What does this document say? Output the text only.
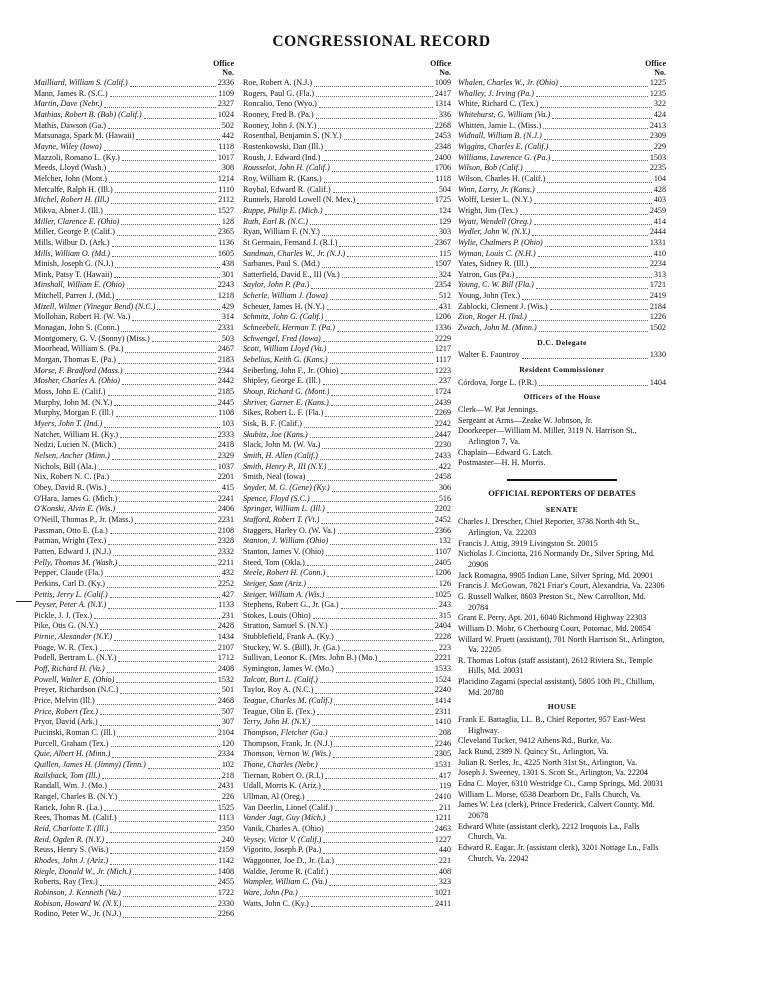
CONGRESSIONAL RECORD
Office
No.
Mailliard, William S. (Calif.)	2336
Mann, James R. (S.C.)	1109
Martin, Dave (Nebr.)	2327
Mathias, Robert B. (Bob) (Calif.)	1024
Mathis, Dawson (Ga.)	502
Matsunaga, Spark M. (Hawaii)	442
Mayne, Wiley (Iowa)	1118
Mazzoli, Romano L. (Ky.)	1017
Meeds, Lloyd (Wash.)	308
Melcher, John (Mont.)	1214
Metcalfe, Ralph H. (Ill.)	1110
Michel, Robert H. (Ill.)	2112
Mikva, Abner J. (Ill.)	1527
Miller, Clarence E. (Ohio)	128
Miller, George P. (Calif.)	2365
Mills, Wilbur D. (Ark.)	1136
Mills, William O. (Md.)	1605
Minish, Joseph G. (N.J.)	438
Mink, Patsy T. (Hawaii)	301
Minshall, William E. (Ohio)	2243
Mitchell, Parren J. (Md.)	1218
Mizell, Wilmer (Vinegar Bend) (N.C.)	429
Mollohan, Robert H. (W. Va.)	314
Monagan, John S. (Conn.)	2331
Montgomery, G. V. (Sonny) (Miss.)	503
Moorhead, William S. (Pa.)	2467
Morgan, Thomas E. (Pa.)	2183
Morse, F. Bradford (Mass.)	2344
Mosher, Charles A. (Ohio)	2442
Moss, John E. (Calif.)	2185
Murphy, John M. (N.Y.)	2445
Murphy, Morgan F. (Ill.)	1108
Myers, John T. (Ind.)	103
Natcher, William H. (Ky.)	2333
Nedzi, Lucien N. (Mich.)	2418
Nelsen, Ancher (Minn.)	2329
Nichols, Bill (Ala.)	1037
Nix, Robert N. C. (Pa.)	2201
Obey, David R. (Wis.)	415
O'Hara, James G. (Mich.)	2241
O'Konski, Alvin E. (Wis.)	2406
O'Neill, Thomas P., Jr. (Mass.)	2231
Passman, Otto E. (La.)	2108
Patman, Wright (Tex.)	2328
Patten, Edward J. (N.J.)	2332
Pelly, Thomas M. (Wash.)	2211
Pepper, Claude (Fla.)	432
Perkins, Carl D. (Ky.)	2252
Pettis, Jerry L. (Calif.)	427
Peyser, Peter A. (N.Y.)	1133
Pickle, J. J. (Tex.)	231
Pike, Otis G. (N.Y.)	2428
Pirnie, Alexander (N.Y.)	1434
Poage, W. R. (Tex.)	2107
Podell, Bertram L. (N.Y.)	1712
Poff, Richard H. (Va.)	2408
Powell, Walter E. (Ohio)	1532
Preyer, Richardson (N.C.)	501
Price, Melvin (Ill.)	2468
Price, Robert (Tex.)	507
Pryor, David (Ark.)	307
Pucinski, Roman C. (Ill.)	2104
Purcell, Graham (Tex.)	120
Quie, Albert H. (Minn.)	2334
Quillen, James H. (Jimmy) (Tenn.)	102
Railsback, Tom (Ill.)	218
Randall, Wm. J. (Mo.)	2431
Rangel, Charles B. (N.Y.)	226
Rarick, John R. (La.)	1525
Rees, Thomas M. (Calif.)	1113
Reid, Charlotte T. (Ill.)	2350
Reid, Ogden R. (N.Y.)	240
Reuss, Henry S. (Wis.)	2159
Rhodes, John J. (Ariz.)	1142
Riegle, Donald W., Jr. (Mich.)	1408
Roberts, Ray (Tex.)	2455
Robinson, J. Kenneth (Va.)	1722
Robison, Howard W. (N.Y.)	2330
Rodino, Peter W., Jr. (N.J.)	2266
Office
No.
Roe, Robert A. (N.J.)	1009
Rogers, Paul G. (Fla.)	2417
Roncalio, Teno (Wyo.)	1314
Rooney, Fred B. (Pa.)	336
Rooney, John J. (N.Y.)	2268
Rosenthal, Benjamin S. (N.Y.)	2453
Rostenkowski, Dan (Ill.)	2348
Roush, J. Edward (Ind.)	2400
Rousselot, John H. (Calif.)	1706
Roy, William R. (Kans.)	1118
Roybal, Edward R. (Calif.)	504
Runnels, Harold Lowell (N. Mex.)	1725
Ruppe, Philip E. (Mich.)	124
Ruth, Earl B. (N.C.)	129
Ryan, William F. (N.Y.)	303
St Germain, Fernand J. (R.I.)	2367
Sandman, Charles W., Jr. (N.J.)	115
Sarbanes, Paul S. (Md.)	1507
Satterfield, David E., III (Va.)	324
Saylor, John P. (Pa.)	2354
Scherle, William J. (Iowa)	512
Scheuer, James H. (N.Y.)	431
Schmitz, John G. (Calif.)	1206
Schneebeli, Herman T. (Pa.)	1336
Schwengel, Fred (Iowa)	2229
Scott, William Lloyd (Va.)	1217
Sebelius, Keith G. (Kans.)	1117
Seiberling, John F., Jr. (Ohio)	1223
Shipley, George E. (Ill.)	237
Shoup, Richard G. (Mont.)	1724
Shriver, Garner E. (Kans.)	2439
Sikes, Robert L. F. (Fla.)	2269
Sisk, B. F. (Calif.)	2242
Skubitz, Joe (Kans.)	2447
Slack, John M. (W. Va.)	2230
Smith, H. Allen (Calif.)	2433
Smith, Henry P., III (N.Y.)	422
Smith, Neal (Iowa)	2458
Snyder, M. G. (Gene) (Ky.)	306
Spence, Floyd (S.C.)	516
Springer, William L. (Ill.)	2202
Stafford, Robert T. (Vt.)	2452
Staggers, Harley O. (W. Va.)	2366
Stanton, J. William (Ohio)	132
Stanton, James V. (Ohio)	1107
Steed, Tom (Okla.)	2405
Steele, Robert H. (Conn.)	1206
Steiger, Sam (Ariz.)	126
Steiger, William A. (Wis.)	1025
Stephens, Robert G., Jr. (Ga.)	243
Stokes, Louis (Ohio)	315
Stratton, Samuel S. (N.Y.)	2404
Stubblefield, Frank A. (Ky.)	2228
Stuckey, W. S. (Bill), Jr. (Ga.)	223
Sullivan, Leonor K. (Mrs. John B.) (Mo.)	2221
Symington, James W. (Mo.)	1533
Talcott, Burt L. (Calif.)	1524
Taylor, Roy A. (N.C.)	2240
Teague, Charles M. (Calif.)	1414
Teague, Olin E. (Tex.)	2311
Terry, John H. (N.Y.)	1410
Thompson, Fletcher (Ga.)	208
Thompson, Frank, Jr. (N.J.)	2246
Thomson, Vernon W. (Wis.)	2305
Thone, Charles (Nebr.)	1531
Tiernan, Robert O. (R.I.)	417
Udall, Morris K. (Ariz.)	119
Ullman, Al (Oreg.)	2410
Van Deerlin, Lionel (Calif.)	211
Vander Jagt, Guy (Mich.)	1211
Vanik, Charles A. (Ohio)	2463
Veysey, Victor V. (Calif.)	1227
Vigorito, Joseph P. (Pa.)	440
Waggonner, Joe D., Jr. (La.)	221
Waldie, Jerome R. (Calif.)	408
Wampler, William C. (Va.)	323
Ware, John (Pa.)	1021
Watts, John C. (Ky.)	2411
Office
No.
Whalen, Charles W., Jr. (Ohio)	1225
Whalley, J. Irving (Pa.)	1235
White, Richard C. (Tex.)	322
Whitehurst, G. William (Va.)	424
Whitten, Jamie L. (Miss.)	2413
Widnall, William B. (N.J.)	2309
Wiggins, Charles E. (Calif.)	229
Williams, Lawrence G. (Pa.)	1503
Wilson, Bob (Calif.)	2235
Wilson, Charles H. (Calif.)	104
Winn, Larry, Jr. (Kans.)	428
Wolff, Lester L. (N.Y.)	403
Wright, Jim (Tex.)	2459
Wyatt, Wendell (Oreg.)	414
Wydler, John W. (N.Y.)	2444
Wylie, Chalmers P. (Ohio)	1331
Wyman, Louis C. (N.H.)	410
Yates, Sidney R. (Ill.)	2234
Yatron, Gus (Pa.)	313
Young, C. W. Bill (Fla.)	1721
Young, John (Tex.)	2419
Zablocki, Clement J. (Wis.)	2184
Zion, Roger H. (Ind.)	1226
Zwach, John M. (Minn.)	1502
D.C. Delegate
Walter E. Fauntroy	1330
Resident Commissioner
Córdova, Jorge L. (P.R.)	1404
Officers of the House
Clerk—W. Pat Jennings.
Sergeant at Arms—Zeake W. Johnson, Jr.
Doorkeeper—William M. Miller, 3119 N. Harrison St., Arlington 7, Va.
Chaplain—Edward G. Latch.
Postmaster—H. H. Morris.
OFFICIAL REPORTERS OF DEBATES
SENATE
Charles J. Drescher, Chief Reporter, 3738 North 4th St., Arlington, Va. 22203
Francis J. Attig, 3919 Livingston St. 20015
Nicholas J. Cinciotta, 216 Normandy Dr., Silver Spring, Md. 20906
Jack Romagna, 9905 Indian Lane, Silver Spring, Md. 20901
Francis J. McGowan, 7821 Friar's Court, Alexandria, Va. 22306
G. Russell Walker, 8603 Preston St., New Carrollton, Md. 20784
Grant E. Perry, Apt. 201, 6040 Richmond Highway 22303
William D. Mohr, 6 Cherbourg Court, Potomac, Md. 20854
Willard W. Pruett (assistant), 701 North Harrison St., Arlington, Va. 22205
R. Thomas Loftus (staff assistant), 2612 Riviera St., Temple Hills, Md. 20031
Placidino Zagami (special assistant), 5805 10th Pl., Chillum, Md. 20780
HOUSE
Frank E. Battaglia, LL. B., Chief Reporter, 957 East-West Highway.
Cleveland Tucker, 9412 Athens Rd., Burke, Va.
Jack Rund, 2389 N. Quincy St., Arlington, Va.
Julian R. Serles, Jr., 4225 North 31st St., Arlington, Va.
Joseph J. Sweeney, 1301 S. Scott St., Arlington, Va. 22204
Edna C. Moyer, 6310 Westridge Ct., Camp Springs, Md. 20031
William L. Morse, 6538 Dearborn Dr., Falls Church, Va.
James W. Lea (clerk), Prince Frederick, Calvert County, Md. 20678
Edward White (assistant clerk), 2212 Iroquois La., Falls Church, Va.
Edward R. Eagar, Jr. (assistant clerk), 3201 Nottage Ln., Falls Church, Va. 22042
